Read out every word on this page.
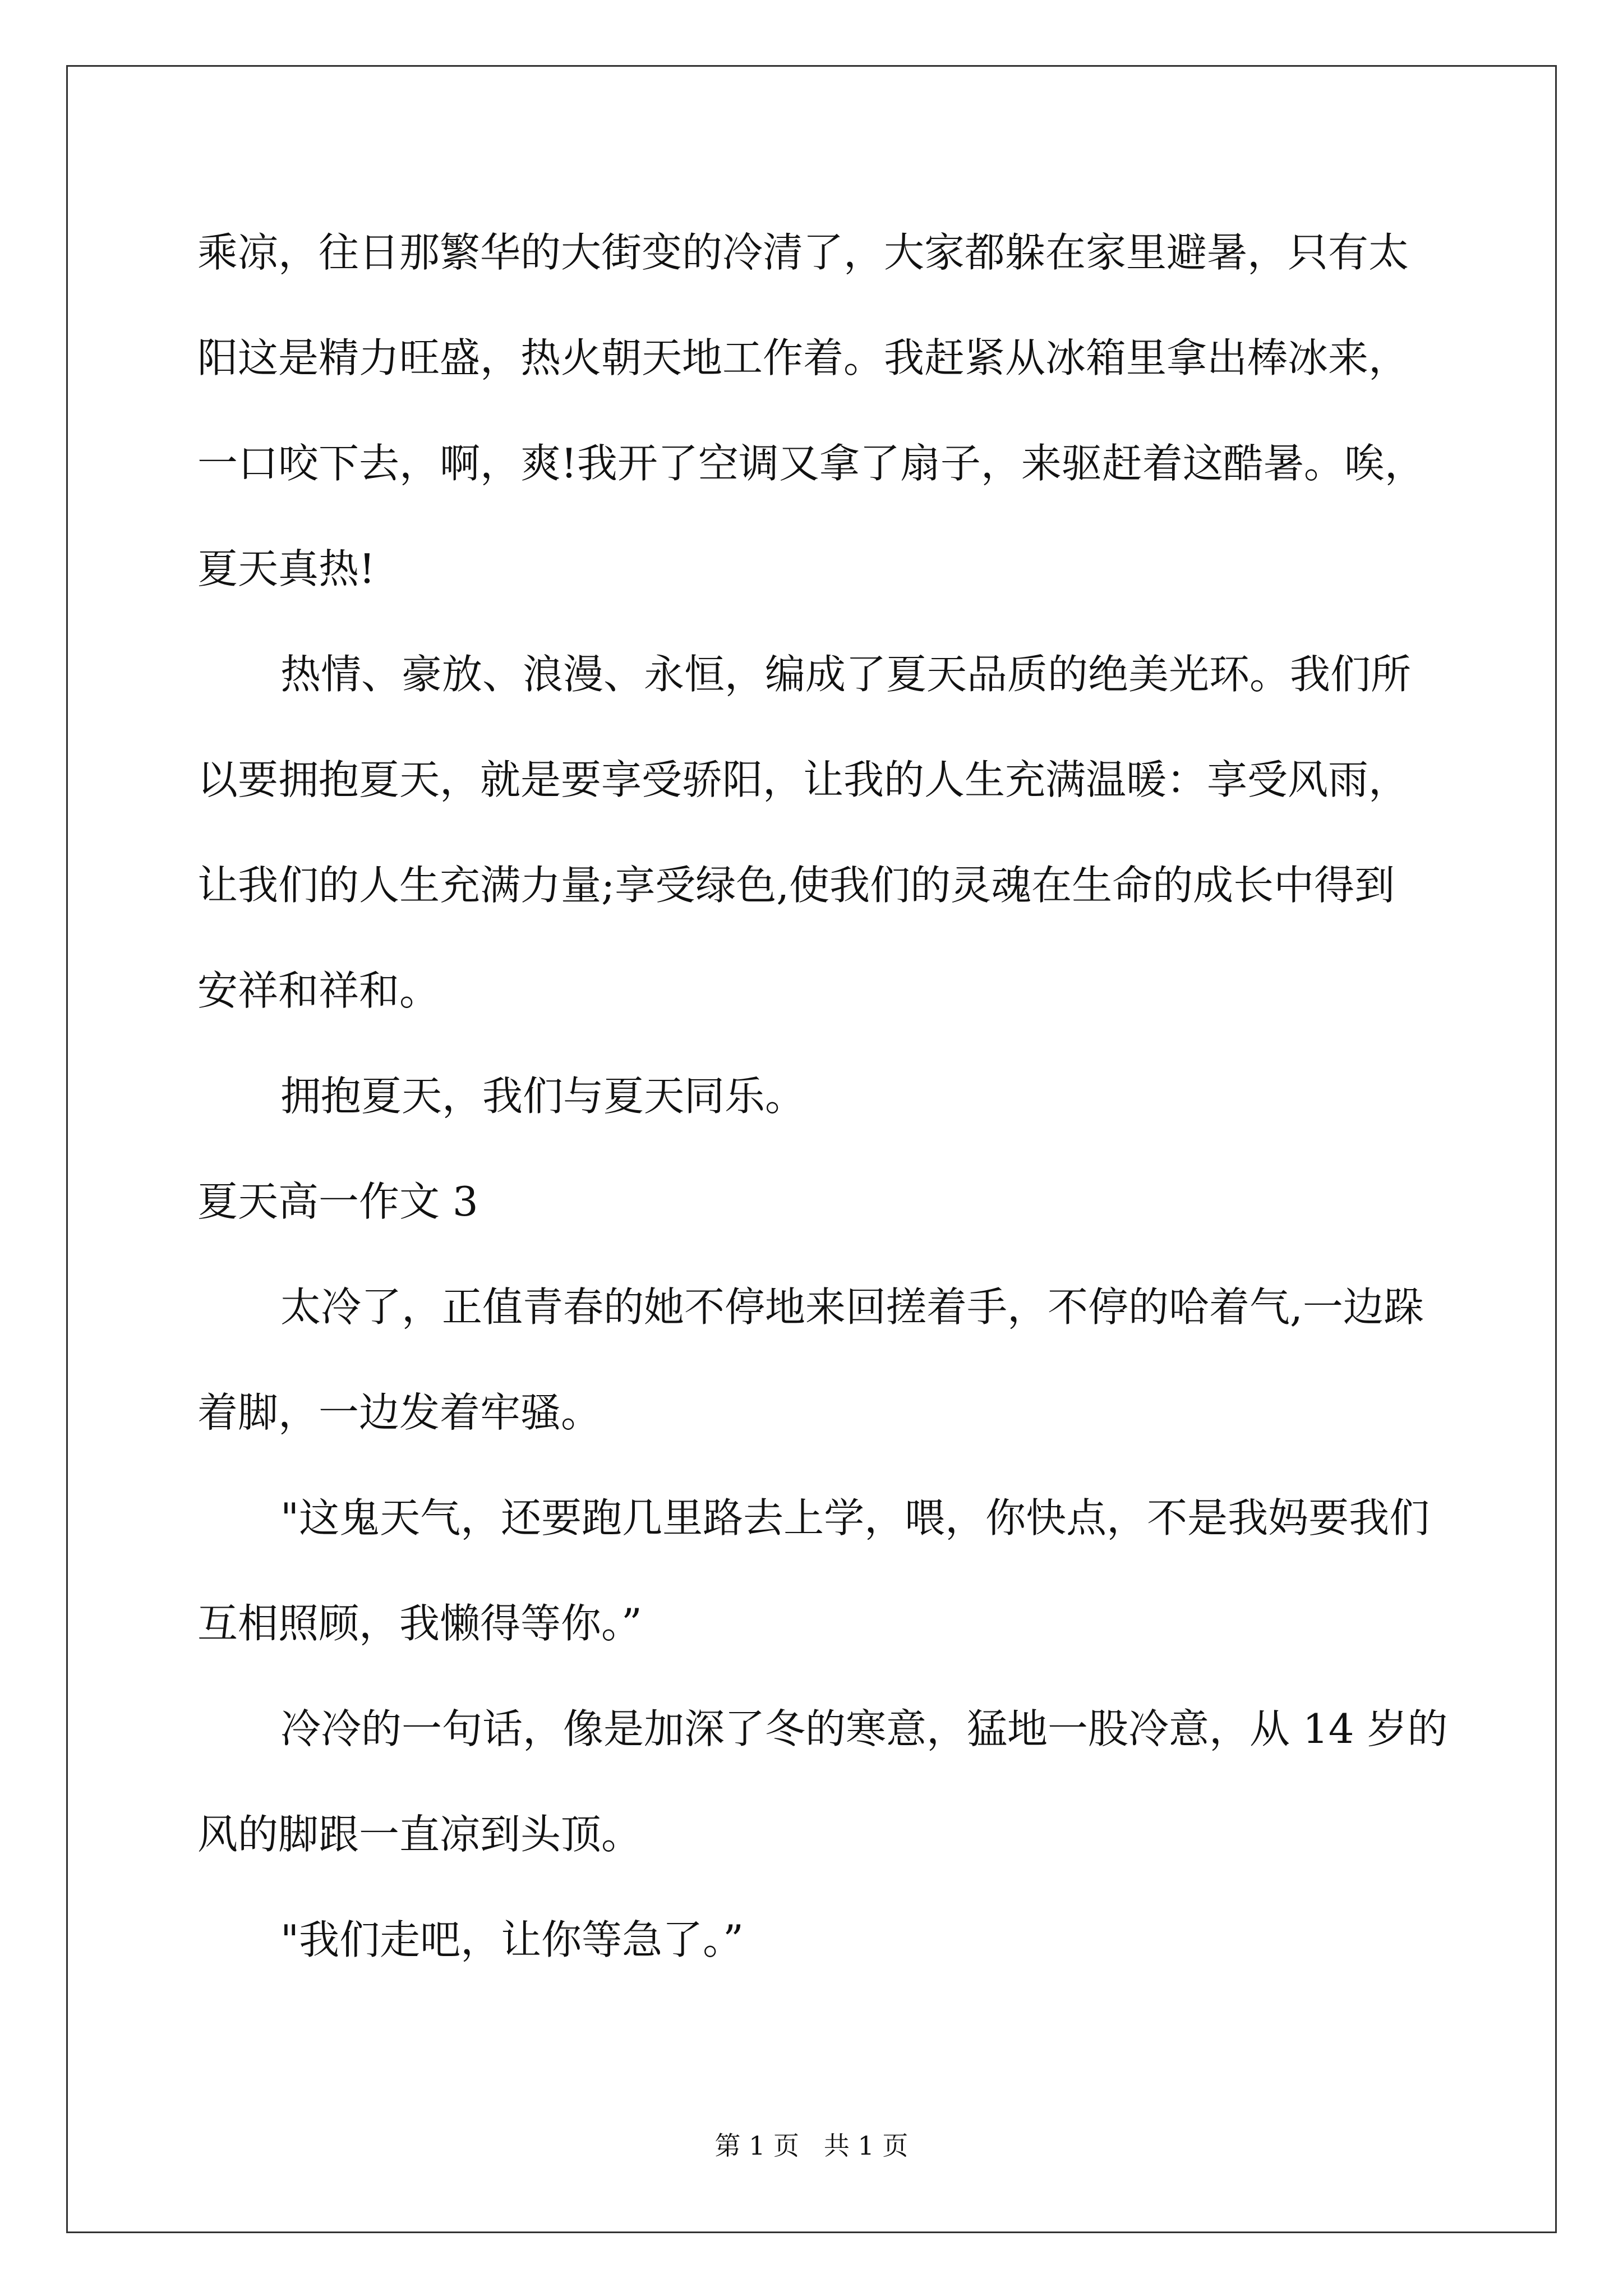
乘凉，往日那繁华的大街变的冷清了，大家都躲在家里避暑，只有太
阳这是精力旺盛，热火朝天地工作着。我赶紧从冰箱里拿出棒冰来，
一口咬下去，啊，爽!我开了空调又拿了扇子，来驱赶着这酷暑。唉，
夏天真热!
热情、豪放、浪漫、永恒，编成了夏天品质的绝美光环。我们所
以要拥抱夏天，就是要享受骄阳，让我的人生充满温暖：享受风雨，
让我们的人生充满力量;享受绿色,使我们的灵魂在生命的成长中得到
安祥和祥和。
拥抱夏天，我们与夏天同乐。
夏天高一作文 3
太冷了，正值青春的她不停地来回搓着手，不停的哈着气,一边跺
着脚，一边发着牢骚。
"这鬼天气，还要跑几里路去上学，喂，你快点，不是我妈要我们
互相照顾，我懒得等你。”
冷冷的一句话，像是加深了冬的寒意，猛地一股冷意，从 14 岁的
风的脚跟一直凉到头顶。
"我们走吧，让你等急了。”
第 1 页   共 1 页
